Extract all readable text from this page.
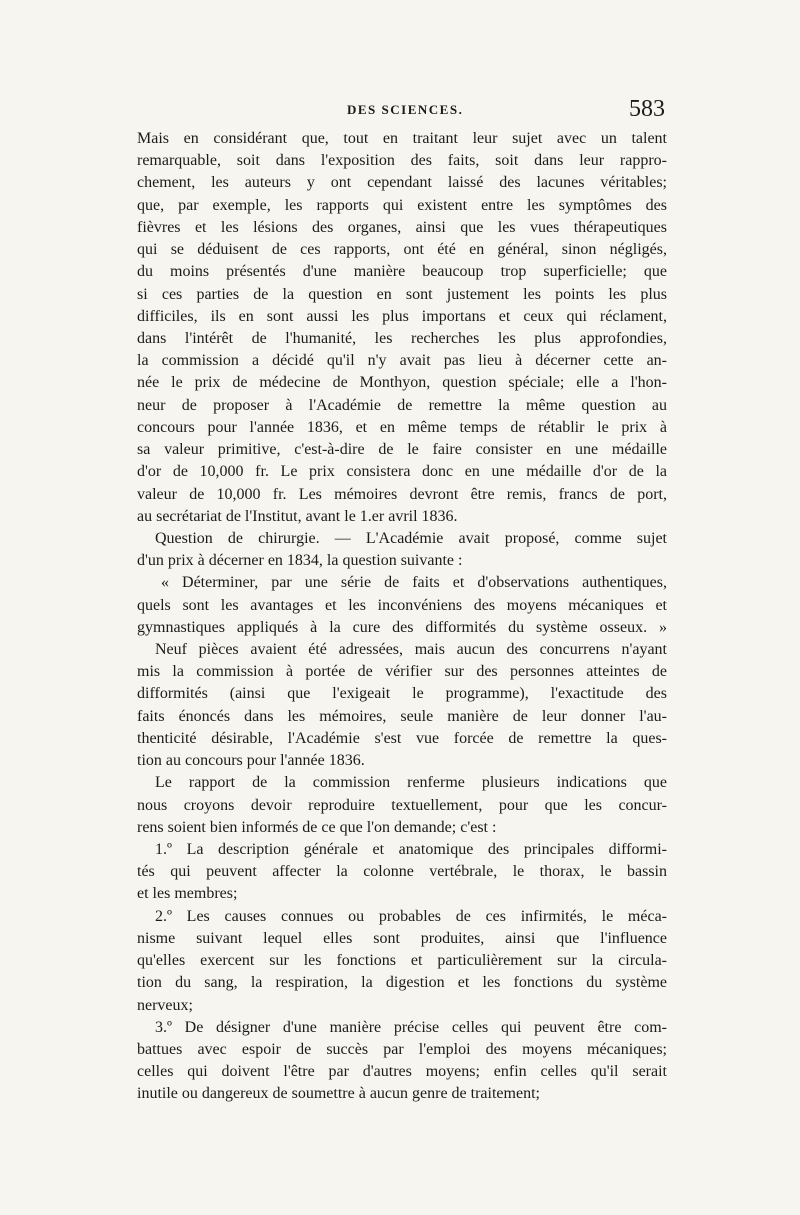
DES SCIENCES.	583
Mais en considérant que, tout en traitant leur sujet avec un talent
remarquable, soit dans l'exposition des faits, soit dans leur rappro-
chement, les auteurs y ont cependant laissé des lacunes véritables;
que, par exemple, les rapports qui existent entre les symptômes des
fièvres et les lésions des organes, ainsi que les vues thérapeutiques
qui se déduisent de ces rapports, ont été en général, sinon négligés,
du moins présentés d'une manière beaucoup trop superficielle; que
si ces parties de la question en sont justement les points les plus
difficiles, ils en sont aussi les plus importans et ceux qui réclament,
dans l'intérêt de l'humanité, les recherches les plus approfondies,
la commission a décidé qu'il n'y avait pas lieu à décerner cette an-
née le prix de médecine de Monthyon, question spéciale; elle a l'hon-
neur de proposer à l'Académie de remettre la même question au
concours pour l'année 1836, et en même temps de rétablir le prix à
sa valeur primitive, c'est-à-dire de le faire consister en une médaille
d'or de 10,000 fr. Le prix consistera donc en une médaille d'or de la
valeur de 10,000 fr. Les mémoires devront être remis, francs de port,
au secrétariat de l'Institut, avant le 1.er avril 1836.
Question de chirurgie. — L'Académie avait proposé, comme sujet
d'un prix à décerner en 1834, la question suivante :
« Déterminer, par une série de faits et d'observations authentiques,
quels sont les avantages et les inconvéniens des moyens mécaniques et
gymnastiques appliqués à la cure des difformités du système osseux. »
Neuf pièces avaient été adressées, mais aucun des concurrens n'ayant
mis la commission à portée de vérifier sur des personnes atteintes de
difformités (ainsi que l'exigeait le programme), l'exactitude des
faits énoncés dans les mémoires, seule manière de leur donner l'au-
thenticité désirable, l'Académie s'est vue forcée de remettre la ques-
tion au concours pour l'année 1836.
Le rapport de la commission renferme plusieurs indications que
nous croyons devoir reproduire textuellement, pour que les concur-
rens soient bien informés de ce que l'on demande; c'est :
1.º La description générale et anatomique des principales difformi-
tés qui peuvent affecter la colonne vertébrale, le thorax, le bassin
et les membres;
2.º Les causes connues ou probables de ces infirmités, le méca-
nisme suivant lequel elles sont produites, ainsi que l'influence
qu'elles exercent sur les fonctions et particulièrement sur la circula-
tion du sang, la respiration, la digestion et les fonctions du système
nerveux;
3.º De désigner d'une manière précise celles qui peuvent être com-
battues avec espoir de succès par l'emploi des moyens mécaniques;
celles qui doivent l'être par d'autres moyens; enfin celles qu'il serait
inutile ou dangereux de soumettre à aucun genre de traitement;
